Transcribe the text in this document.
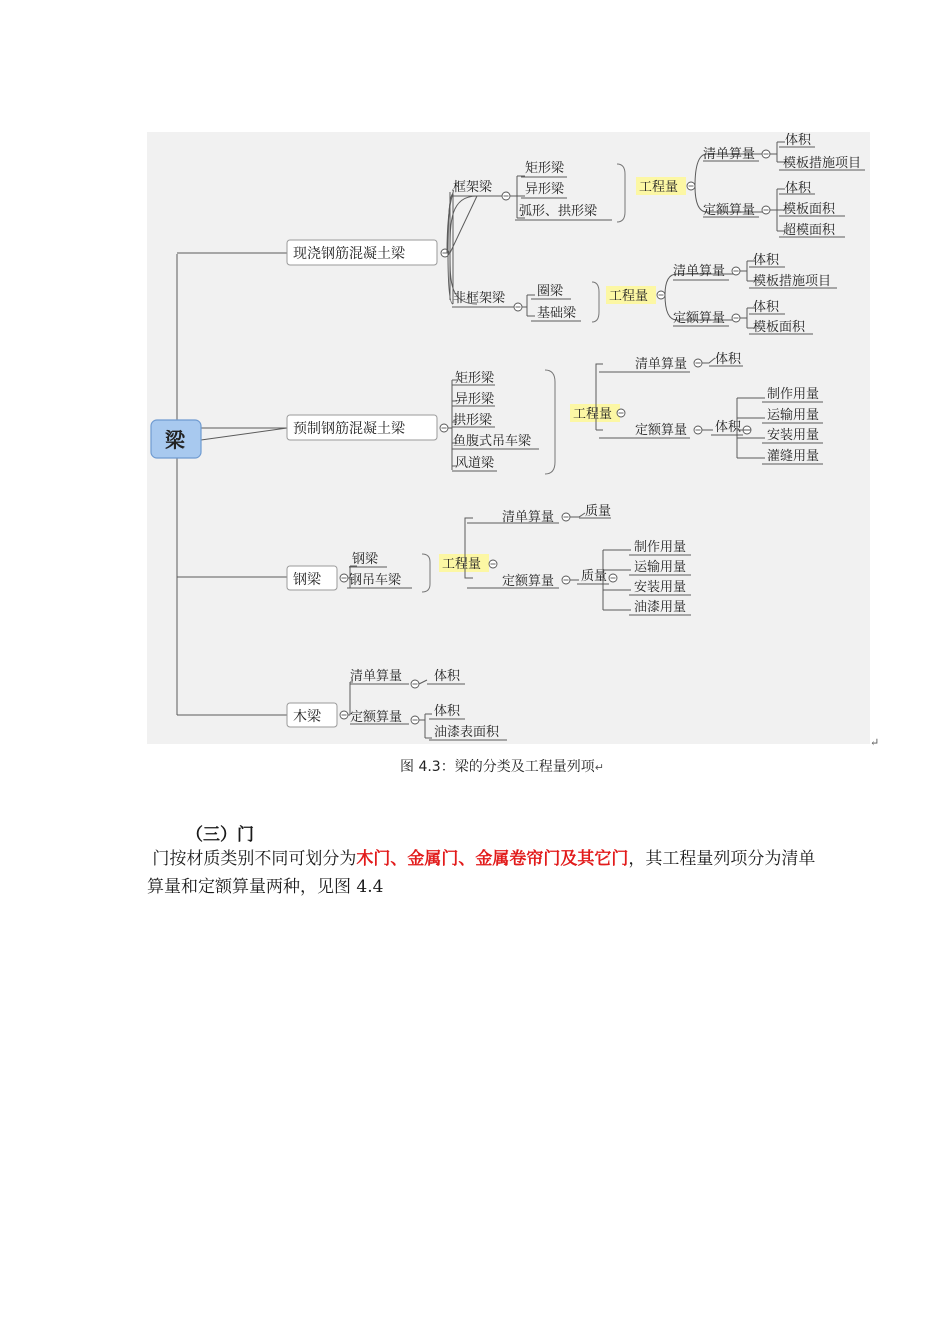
梁
现浇钢筋混凝土梁
框架梁
矩形梁
异形梁
弧形、拱形梁
工程量
清单算量
体积
模板措施项目
定额算量
体积
模板面积
超模面积
非框架梁 圈梁
基础梁
工程量
清单算量
体积
模板措施项目
定额算量
体积
模板面积
预制钢筋混凝土梁
矩形梁
异形梁
拱形梁
鱼腹式吊车梁
风道梁
工程量
清单算量 体积
定额算量 体积
制作用量
运输用量
安装用量
灌缝用量
钢梁
钢梁
钢吊车梁
工程量
清单算量 质量
定额算量 质量
制作用量
运输用量
安装用量
油漆用量
木梁
清单算量 体积
定额算量 体积
油漆表面积
↵
图 4.3：梁的分类及工程量列项↵
（三）门

门按材质类别不同可划分为木门、金属门、金属卷帘门及其它门，其工程量列项分为清单算量和定额算量两种，见图 4.4
